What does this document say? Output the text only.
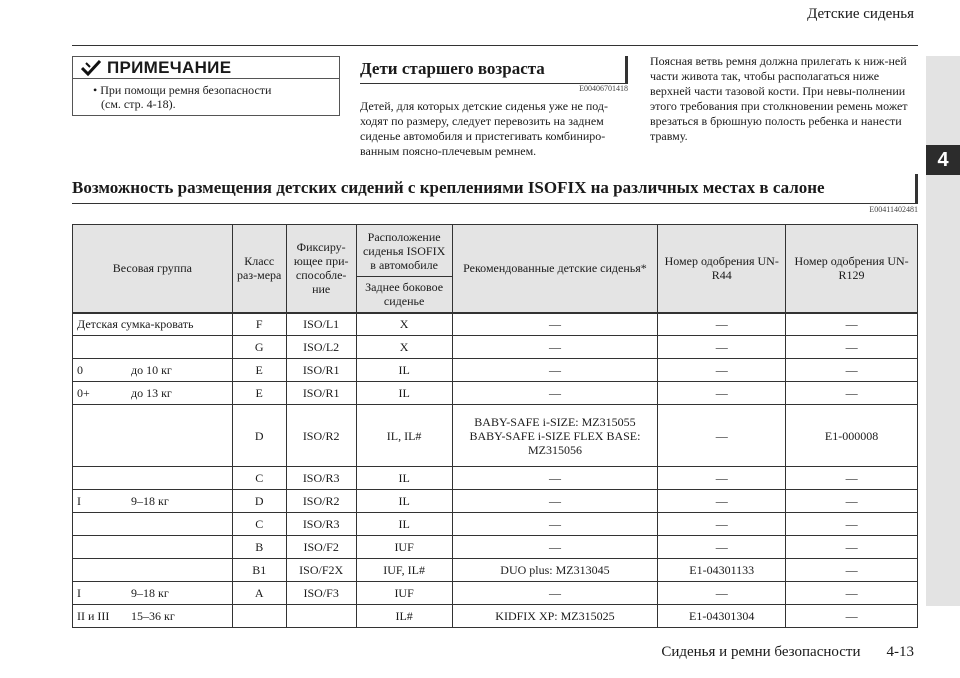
Детские сиденья
4
ПРИМЕЧАНИЕ
• При помощи ремня безопасности
(см. стр. 4-18).
Дети старшего возраста
E00406701418
Детей, для которых детские сиденья уже не под-ходят по размеру, следует перевозить на заднем сиденье автомобиля и пристегивать комбиниро-ванным поясно-плечевым ремнем.
Поясная ветвь ремня должна прилегать к ниж-ней части живота так, чтобы располагаться ниже верхней части тазовой кости. При невы-полнении этого требования при столкновении ремень может врезаться в брюшную полость ребенка и нанести травму.
Возможность размещения детских сидений с креплениями ISOFIX на различных местах в салоне
E00411402481
Весовая группа	Класс раз-мера	Фиксиру-ющее при-способле-ние	Расположение сиденья ISOFIX в автомобиле	Рекомендованные детские сиденья*	Номер одобрения UN-R44	Номер одобрения UN-R129
			Заднее боковое сиденье			
Детская сумка-кровать	F	ISO/L1	X	—	—	—
	G	ISO/L2	X	—	—	—
0 до 10 кг	E	ISO/R1	IL	—	—	—
0+ до 13 кг	E	ISO/R1	IL	—	—	—
	D	ISO/R2	IL, IL#	BABY-SAFE i-SIZE: MZ315055
BABY-SAFE i-SIZE FLEX BASE:
MZ315056	—	E1-000008
	C	ISO/R3	IL	—	—	—
I 9–18 кг	D	ISO/R2	IL	—	—	—
	C	ISO/R3	IL	—	—	—
	B	ISO/F2	IUF	—	—	—
	B1	ISO/F2X	IUF, IL#	DUO plus: MZ313045	E1-04301133	—
I 9–18 кг	A	ISO/F3	IUF	—	—	—
II и III 15–36 кг			IL#	KIDFIX XP: MZ315025	E1-04301304	—
Сиденья и ремни безопасности 4-13
